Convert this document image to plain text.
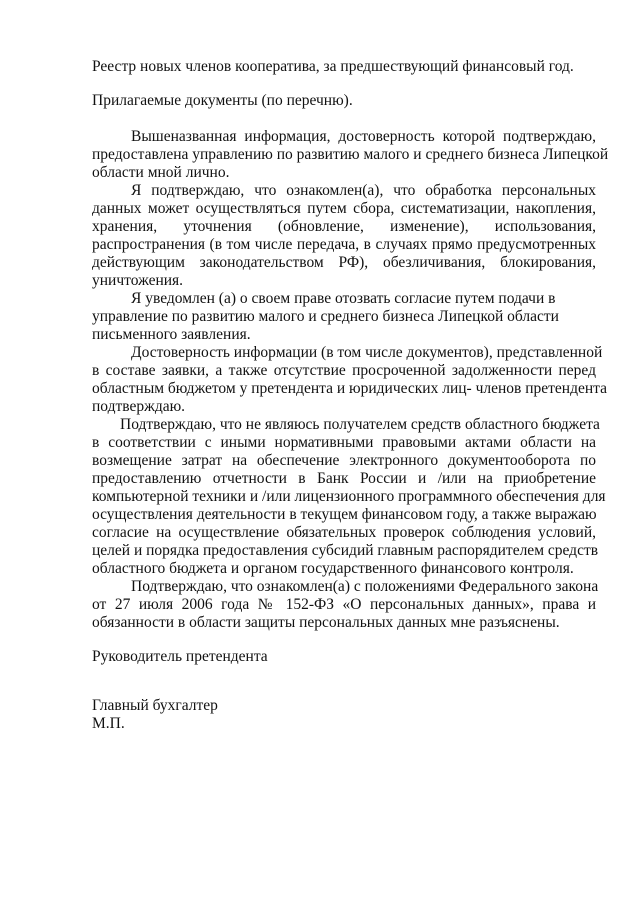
Реестр новых членов кооператива, за предшествующий финансовый год.
Прилагаемые документы (по перечню).
Вышеназванная информация, достоверность которой подтверждаю,
предоставлена управлению по развитию малого и среднего бизнеса Липецкой
области мной лично.
Я подтверждаю, что ознакомлен(а), что обработка персональных
данных может осуществляться путем сбора, систематизации, накопления,
хранения, уточнения (обновление, изменение), использования,
распространения (в том числе передача, в случаях прямо предусмотренных
действующим законодательством РФ), обезличивания, блокирования,
уничтожения.
Я уведомлен (а) о своем праве отозвать согласие путем подачи в
управление по развитию малого и среднего бизнеса Липецкой области
письменного заявления.
Достоверность информации (в том числе документов), представленной
в составе заявки, а также отсутствие просроченной задолженности перед
областным бюджетом у претендента и юридических лиц- членов претендента
подтверждаю.
Подтверждаю, что не являюсь получателем средств областного бюджета
в соответствии с иными нормативными правовыми актами области на
возмещение затрат на обеспечение электронного документооборота по
предоставлению отчетности в Банк России и /или на приобретение
компьютерной техники и /или лицензионного программного обеспечения для
осуществления деятельности в текущем финансовом году, а также выражаю
согласие на осуществление обязательных проверок соблюдения условий,
целей и порядка предоставления субсидий главным распорядителем средств
областного бюджета и органом государственного финансового контроля.
Подтверждаю, что ознакомлен(а) с положениями Федерального закона
от 27 июля 2006 года № 152-ФЗ «О персональных данных», права и
обязанности в области защиты персональных данных мне разъяснены.
Руководитель претендента
Главный бухгалтер
М.П.
